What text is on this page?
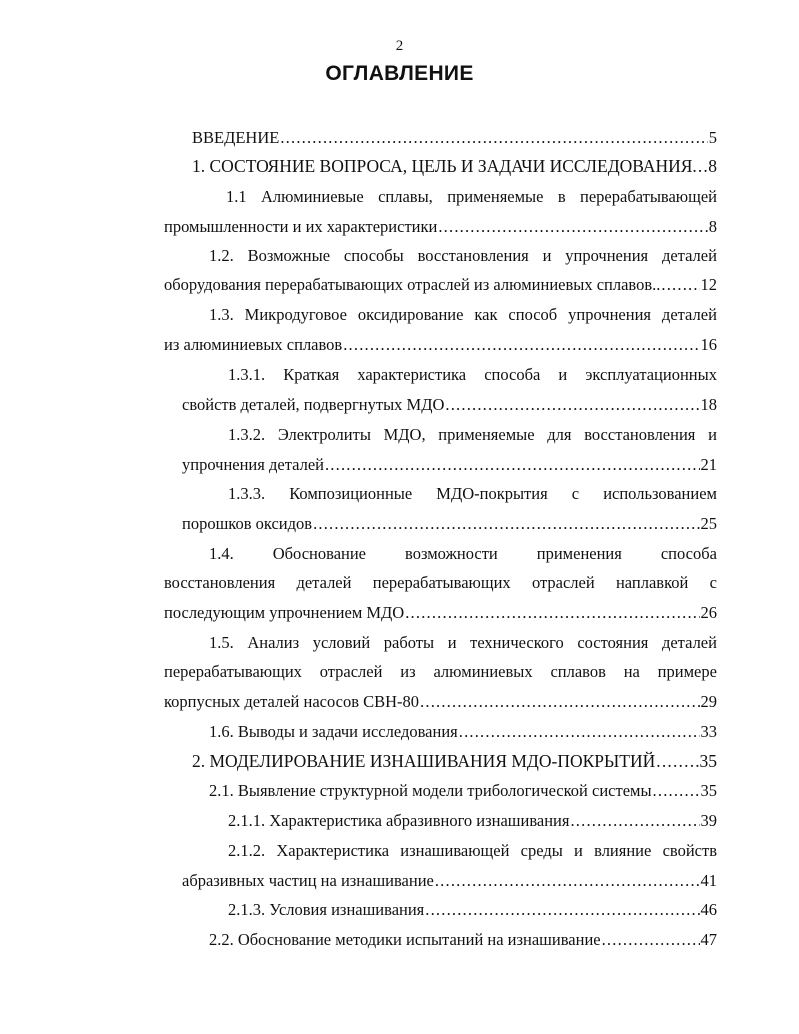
2
ОГЛАВЛЕНИЕ
ВВЕДЕНИЕ .....	5
1. СОСТОЯНИЕ ВОПРОСА, ЦЕЛЬ И ЗАДАЧИ ИССЛЕДОВАНИЯ. ..... 8
1.1 Алюминиевые сплавы, применяемые в перерабатывающей
промышленности и их характеристики .....	8
1.2. Возможные способы восстановления и упрочнения деталей
оборудования перерабатывающих отраслей из алюминиевых сплавов.. ..... 12
1.3. Микродуговое оксидирование как способ упрочнения деталей
из алюминиевых сплавов .....	16
1.3.1. Краткая характеристика способа и эксплуатационных
свойств деталей, подвергнутых МДО .....	18
1.3.2. Электролиты МДО, применяемые для восстановления и
упрочнения деталей .....	21
1.3.3. Композиционные МДО-покрытия с использованием
порошков оксидов .....	25
1.4. Обоснование возможности применения способа
восстановления деталей перерабатывающих отраслей наплавкой с
последующим упрочнением МДО .....	26
1.5. Анализ условий работы и технического состояния деталей
перерабатывающих отраслей из алюминиевых сплавов на примере
корпусных деталей насосов СВН-80 .....	29
1.6. Выводы и задачи исследования .....	33
2. МОДЕЛИРОВАНИЕ ИЗНАШИВАНИЯ МДО-ПОКРЫТИЙ .....	35
2.1. Выявление структурной модели трибологической системы .....	35
2.1.1. Характеристика абразивного изнашивания .....	39
2.1.2. Характеристика изнашивающей среды и влияние свойств
абразивных частиц на изнашивание .....	41
2.1.3. Условия изнашивания .....	46
2.2. Обоснование методики испытаний на изнашивание .....	47
